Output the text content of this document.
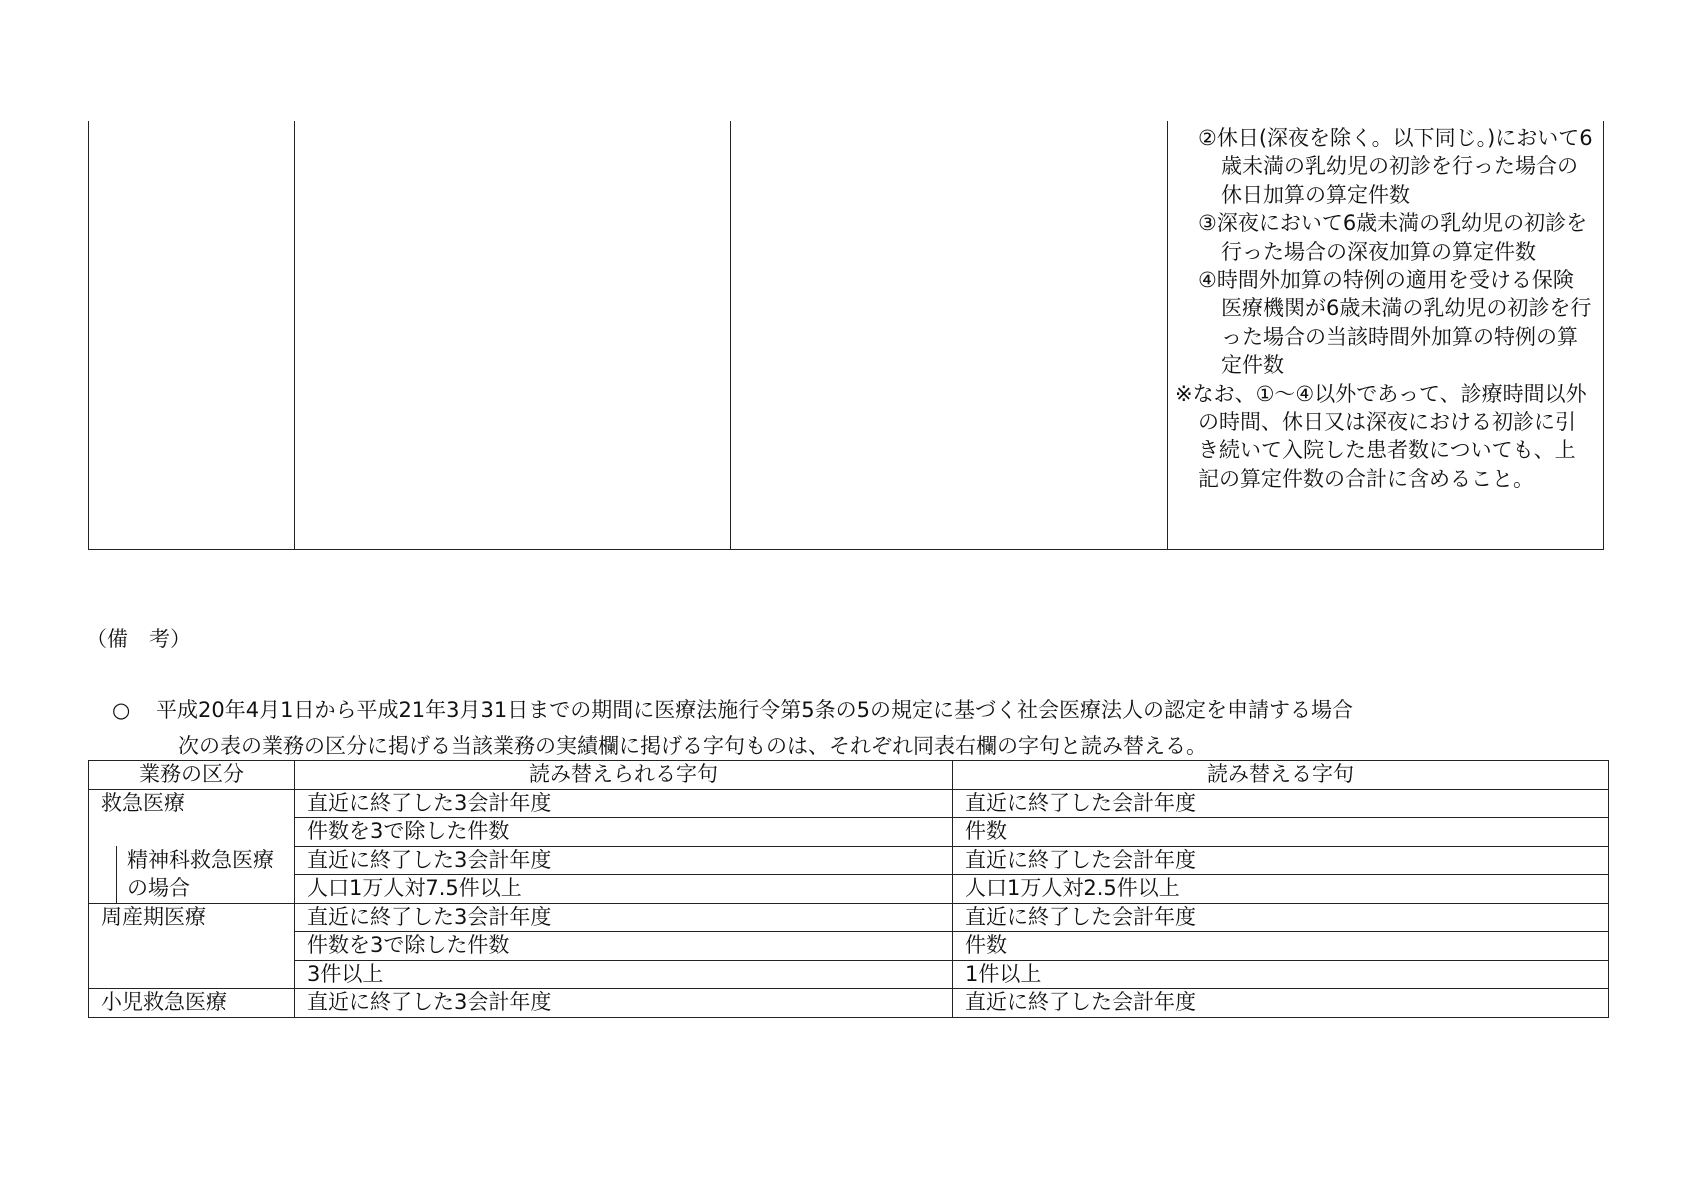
②休日(深夜を除く。以下同じ。)において6歳未満の乳幼児の初診を行った場合の休日加算の算定件数
③深夜において6歳未満の乳幼児の初診を行った場合の深夜加算の算定件数
④時間外加算の特例の適用を受ける保険医療機関が6歳未満の乳幼児の初診を行った場合の当該時間外加算の特例の算定件数
※なお、①～④以外であって、診療時間以外の時間、休日又は深夜における初診に引き続いて入院した患者数についても、上記の算定件数の合計に含めること。
（備　考）
○ 平成20年4月1日から平成21年3月31日までの期間に医療法施行令第5条の5の規定に基づく社会医療法人の認定を申請する場合
次の表の業務の区分に掲げる当該業務の実績欄に掲げる字句ものは、それぞれ同表右欄の字句と読み替える。
業務の区分	読み替えられる字句	読み替える字句
救急医療	直近に終了した3会計年度	直近に終了した会計年度
	件数を3で除した件数	件数

精神科救急医療	直近に終了した3会計年度	直近に終了した会計年度

の場合	人口1万人対7.5件以上	人口1万人対2.5件以上
周産期医療	直近に終了した3会計年度	直近に終了した会計年度
	件数を3で除した件数	件数
	3件以上	1件以上
小児救急医療	直近に終了した3会計年度	直近に終了した会計年度
